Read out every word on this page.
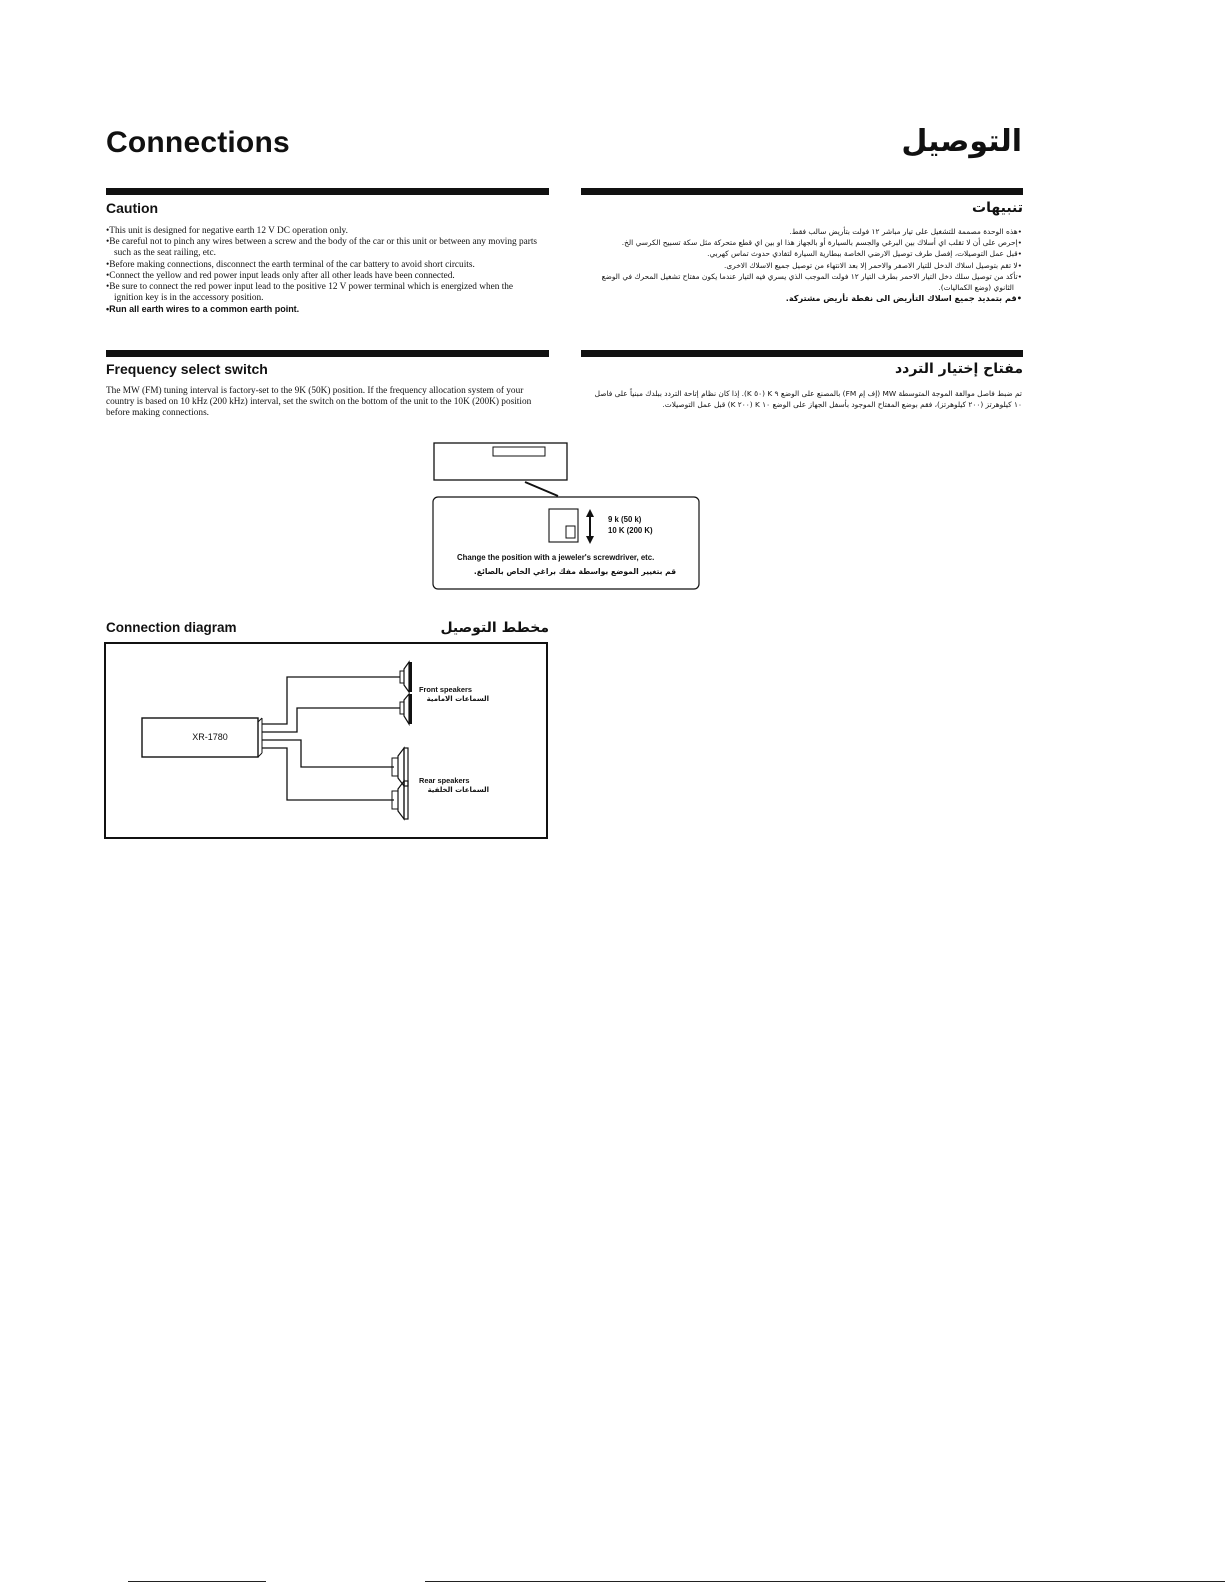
Connections	التوصيل
Caution	تنبيهات
• This unit is designed for negative earth 12 V DC operation only.
• Be careful not to pinch any wires between a screw and the body of the car or this unit or between any moving parts such as the seat railing, etc.
• Before making connections, disconnect the earth terminal of the car battery to avoid short circuits.
• Connect the yellow and red power input leads only after all other leads have been connected.
• Be sure to connect the red power input lead to the positive 12 V power terminal which is energized when the ignition key is in the accessory position.
• Run all earth wires to a common earth point.
• هذه الوحدة مصممة للتشغيل على تيار مباشر ١٢ فولت بتأريض سالب فقط.
• إحرص على أن لا تقلب اي أسلاك بين البرغي والجسم بالسيارة أو بالجهاز هذا او بين اي قطع متحركة مثل سكة تسبيح الكرسي الخ.
• قبل عمل التوصيلات، إفصل طرف توصيل الارضي الخاصة ببطارية السيارة لتفادي حدوث تماس كهربي.
• لا تقم بتوصيل اسلاك الدخل للتيار الاصفر والاحمر إلا بعد الانتهاء من توصيل جميع الاسلاك الاخرى.
• تأكد من توصيل سلك دخل التيار الاحمر بطرف التيار ١٢ فولت الموجب الذي يسري فيه التيار عندما يكون مفتاح تشغيل المحرك في الوضع الثانوي (وضع الكماليات).
• قم بتمديد جميع اسلاك التأريض الى نقطة تأريض مشتركة.
Frequency select switch	مفتاح إختيار التردد

The MW (FM) tuning interval is factory-set to the 9K (50K) position. If the frequency allocation system of your country is based on 10 kHz (200 kHz) interval, set the switch on the bottom of the unit to the 10K (200K) position before making connections.

تم ضبط فاصل موالفة الموجة المتوسطة MW (إف إم FM) بالمصنع على الوضع ٩ K (٥٠ K). إذا كان نظام إتاحة التردد ببلدك مبنياً على فاصل ١٠ كيلوهرتز (٢٠٠ كيلوهرتز)، فقم بوضع المفتاح الموجود بأسفل الجهاز على الوضع ١٠ K (٢٠٠ K) قبل عمل التوصيلات.

9 k (50 k)
10 K (200 K)
Change the position with a jeweler's screwdriver, etc.
قم بتغيير الموضع بواسطة مفك براغي الخاص بالصائغ.
Connection diagram	مخطط التوصيل
XR-1780
Front speakers
السماعات الامامية
Rear speakers
السماعات الخلفية
